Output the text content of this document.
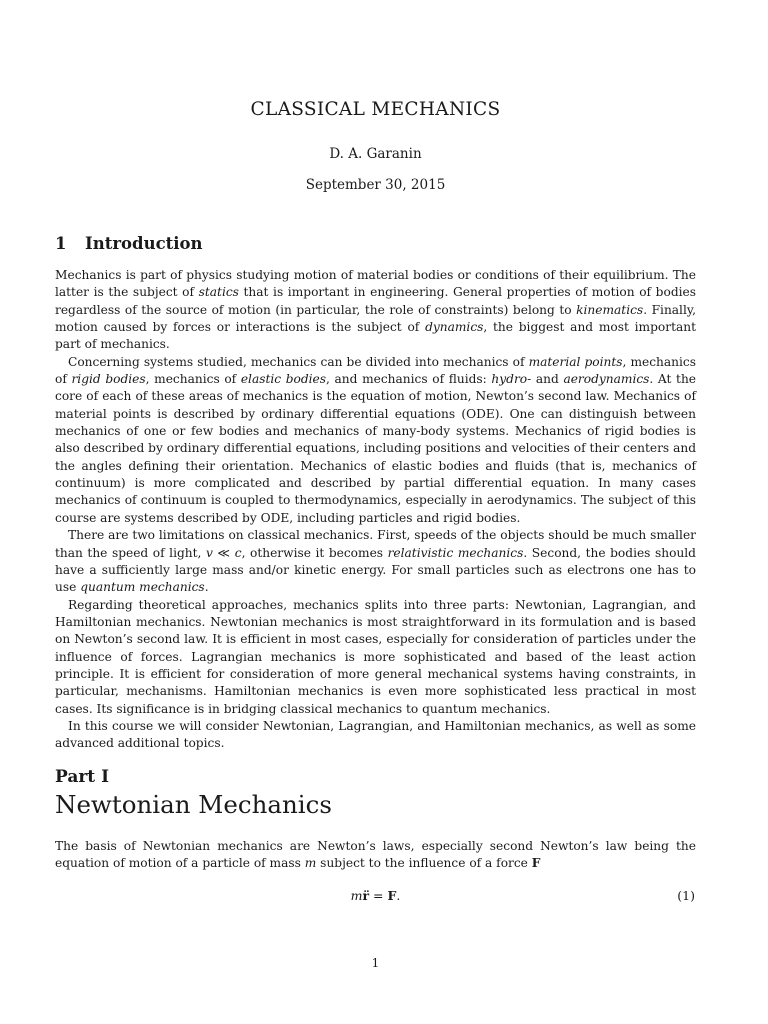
CLASSICAL MECHANICS
D. A. Garanin
September 30, 2015
1 Introduction

Mechanics is part of physics studying motion of material bodies or conditions of their equilibrium. The latter is the subject of statics that is important in engineering. General properties of motion of bodies regardless of the source of motion (in particular, the role of constraints) belong to kinematics. Finally, motion caused by forces or interactions is the subject of dynamics, the biggest and most important part of mechanics.

Concerning systems studied, mechanics can be divided into mechanics of material points, mechanics of rigid bodies, mechanics of elastic bodies, and mechanics of fluids: hydro- and aerodynamics. At the core of each of these areas of mechanics is the equation of motion, Newton’s second law. Mechanics of material points is described by ordinary differential equations (ODE). One can distinguish between mechanics of one or few bodies and mechanics of many-body systems. Mechanics of rigid bodies is also described by ordinary differential equations, including positions and velocities of their centers and the angles defining their orientation. Mechanics of elastic bodies and fluids (that is, mechanics of continuum) is more complicated and described by partial differential equation. In many cases mechanics of continuum is coupled to thermodynamics, especially in aerodynamics. The subject of this course are systems described by ODE, including particles and rigid bodies.

There are two limitations on classical mechanics. First, speeds of the objects should be much smaller than the speed of light, v ≪ c, otherwise it becomes relativistic mechanics. Second, the bodies should have a sufficiently large mass and/or kinetic energy. For small particles such as electrons one has to use quantum mechanics.

Regarding theoretical approaches, mechanics splits into three parts: Newtonian, Lagrangian, and Hamiltonian mechanics. Newtonian mechanics is most straightforward in its formulation and is based on Newton’s second law. It is efficient in most cases, especially for consideration of particles under the influence of forces. Lagrangian mechanics is more sophisticated and based of the least action principle. It is efficient for consideration of more general mechanical systems having constraints, in particular, mechanisms. Hamiltonian mechanics is even more sophisticated less practical in most cases. Its significance is in bridging classical mechanics to quantum mechanics.

In this course we will consider Newtonian, Lagrangian, and Hamiltonian mechanics, as well as some advanced additional topics.

Part I
Newtonian Mechanics

The basis of Newtonian mechanics are Newton’s laws, especially second Newton’s law being the equation of motion of a particle of mass m subject to the influence of a force F

mr̈ = F.	(1)
1
